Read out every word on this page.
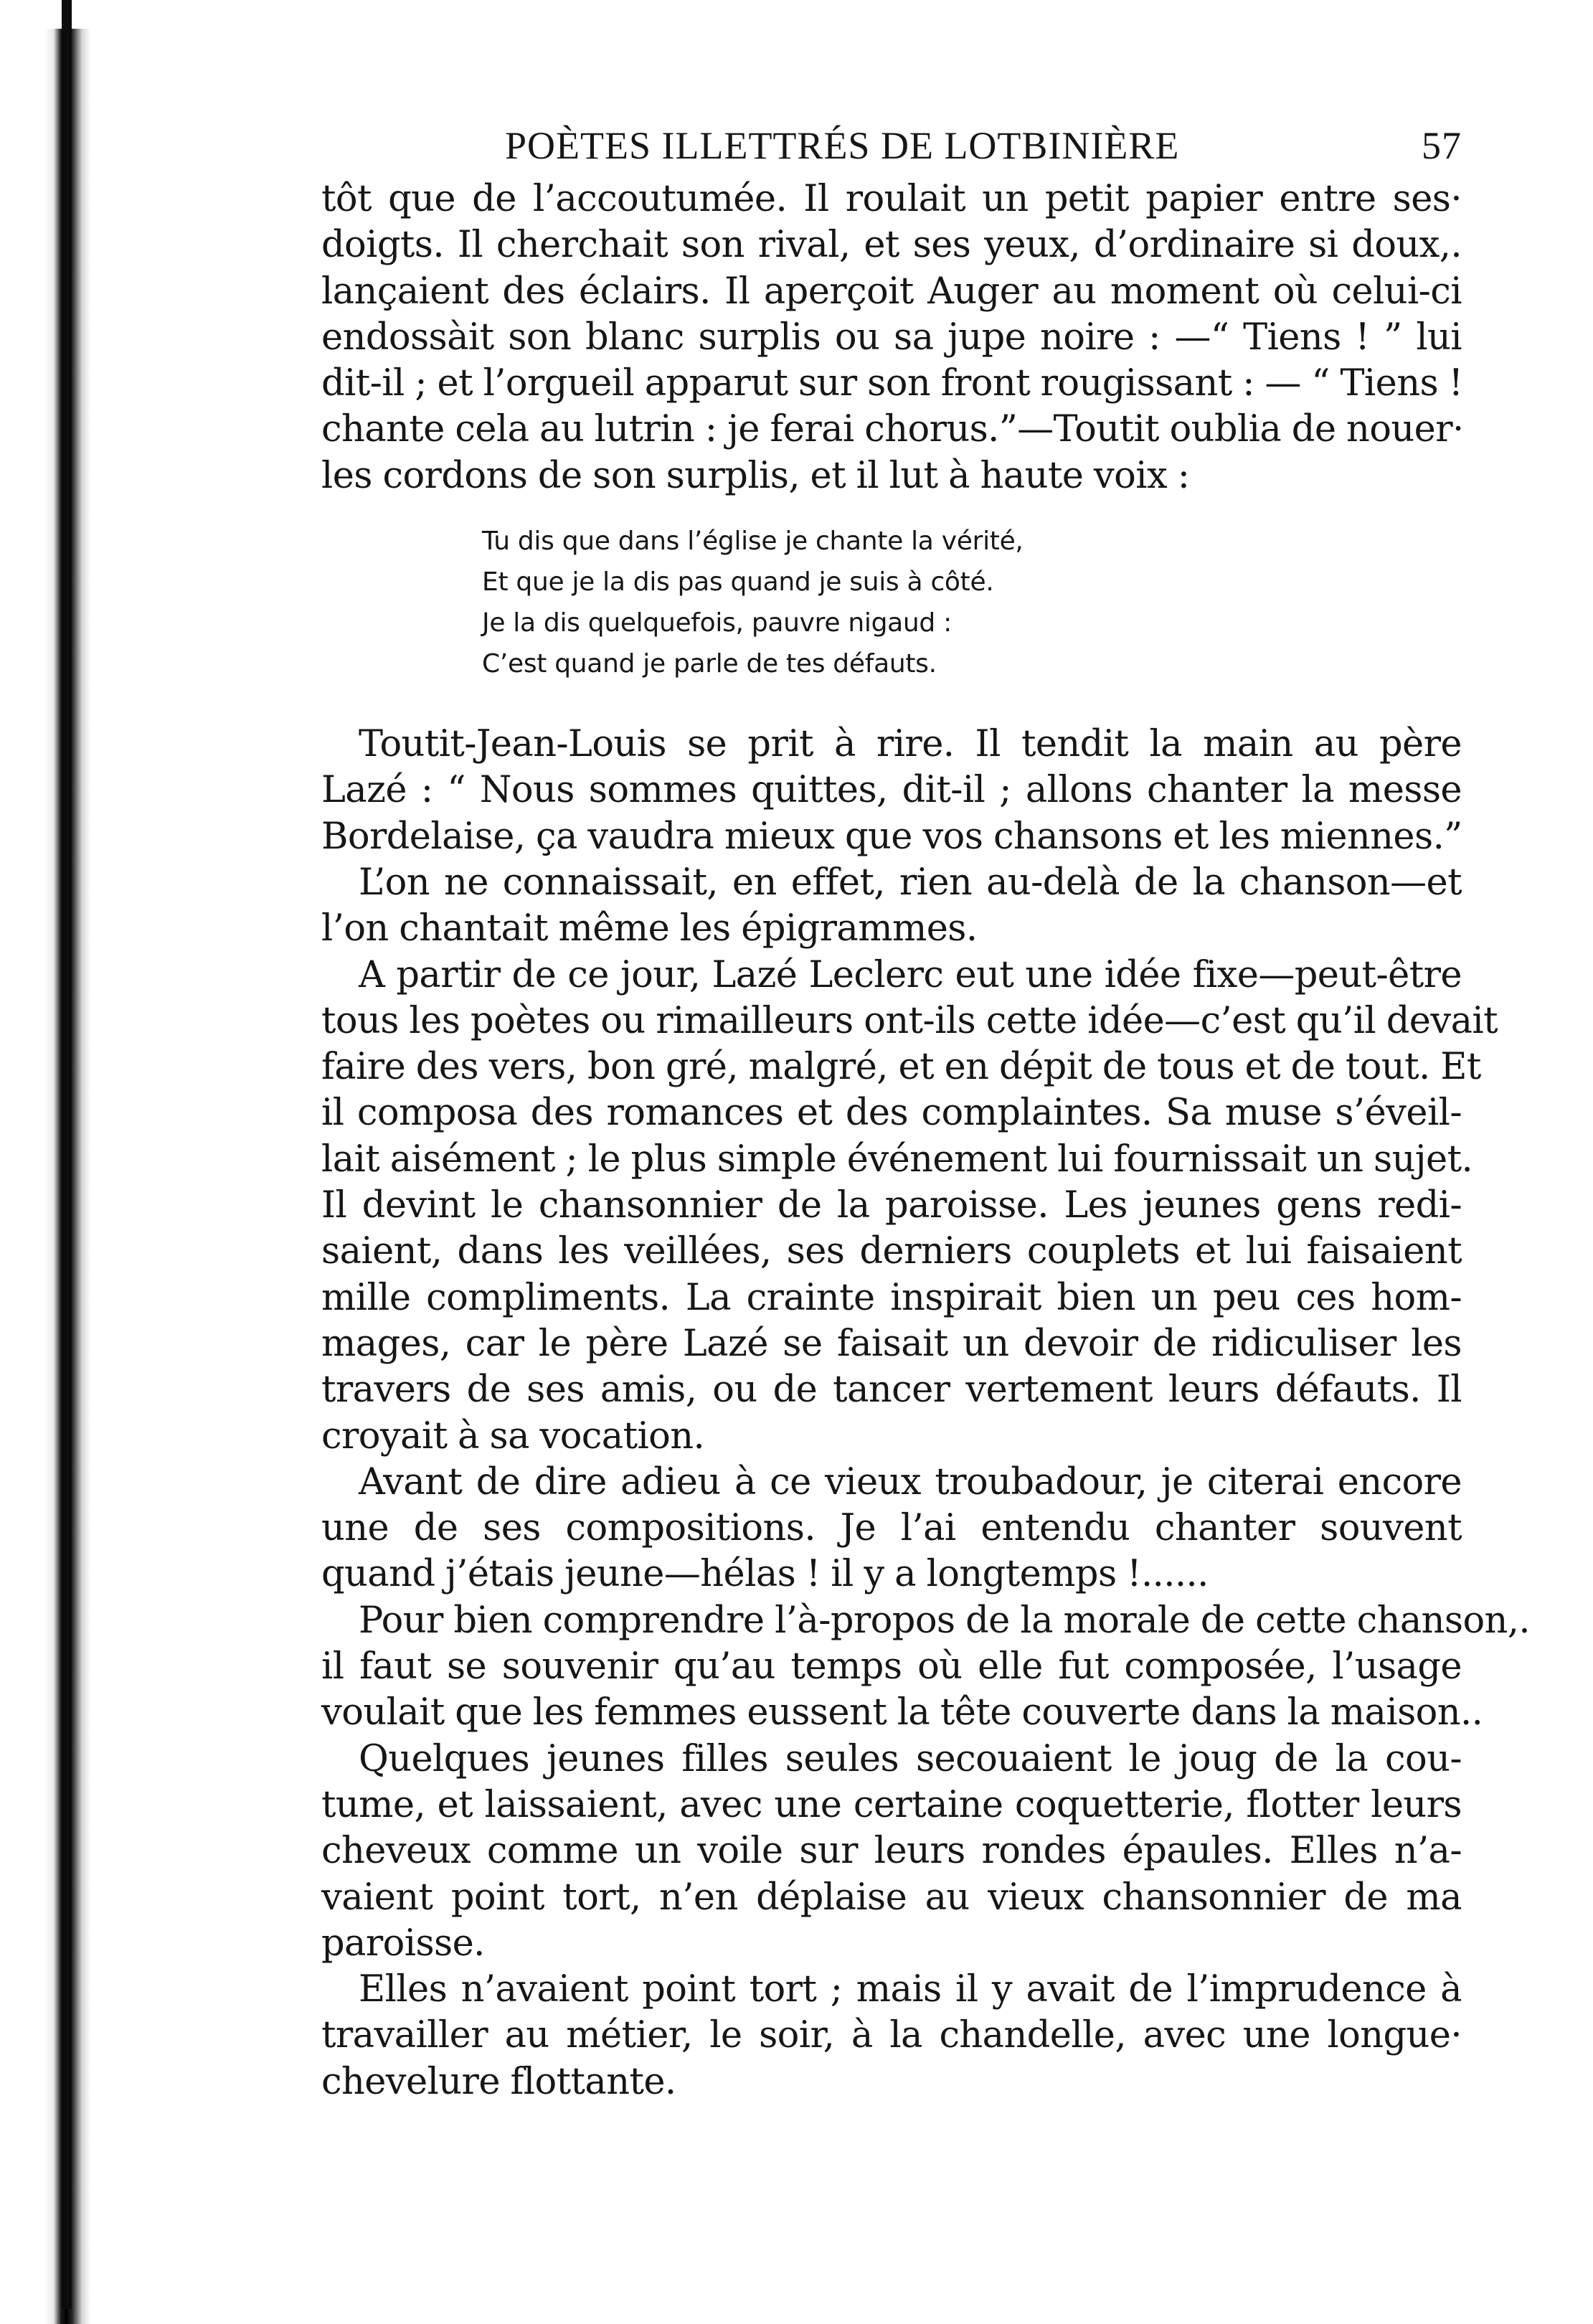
POÈTES ILLETTRÉS DE LOTBINIÈRE	57
tôt que de l’accoutumée. Il roulait un petit papier entre ses·
doigts. Il cherchait son rival, et ses yeux, d’ordinaire si doux,.
lançaient des éclairs. Il aperçoit Auger au moment où celui-ci
endossàit son blanc surplis ou sa jupe noire : —“ Tiens ! ” lui
dit-il ; et l’orgueil apparut sur son front rougissant : — “ Tiens !
chante cela au lutrin : je ferai chorus.”—Toutit oublia de nouer·
les cordons de son surplis, et il lut à haute voix :
Tu dis que dans l’église je chante la vérité,
Et que je la dis pas quand je suis à côté.
Je la dis quelquefois, pauvre nigaud :
C’est quand je parle de tes défauts.
Toutit-Jean-Louis se prit à rire. Il tendit la main au père
Lazé : “ Nous sommes quittes, dit-il ; allons chanter la messe
Bordelaise, ça vaudra mieux que vos chansons et les miennes.”
L’on ne connaissait, en effet, rien au-delà de la chanson—et
l’on chantait même les épigrammes.
A partir de ce jour, Lazé Leclerc eut une idée fixe—peut-être
tous les poètes ou rimailleurs ont-ils cette idée—c’est qu’il devait
faire des vers, bon gré, malgré, et en dépit de tous et de tout. Et
il composa des romances et des complaintes. Sa muse s’éveil-
lait aisément ; le plus simple événement lui fournissait un sujet.
Il devint le chansonnier de la paroisse. Les jeunes gens redi-
saient, dans les veillées, ses derniers couplets et lui faisaient
mille compliments. La crainte inspirait bien un peu ces hom-
mages, car le père Lazé se faisait un devoir de ridiculiser les
travers de ses amis, ou de tancer vertement leurs défauts. Il
croyait à sa vocation.
Avant de dire adieu à ce vieux troubadour, je citerai encore
une de ses compositions. Je l’ai entendu chanter souvent
quand j’étais jeune—hélas ! il y a longtemps !......
Pour bien comprendre l’à-propos de la morale de cette chanson,.
il faut se souvenir qu’au temps où elle fut composée, l’usage
voulait que les femmes eussent la tête couverte dans la maison..
Quelques jeunes filles seules secouaient le joug de la cou-
tume, et laissaient, avec une certaine coquetterie, flotter leurs
cheveux comme un voile sur leurs rondes épaules. Elles n’a-
vaient point tort, n’en déplaise au vieux chansonnier de ma
paroisse.
Elles n’avaient point tort ; mais il y avait de l’imprudence à
travailler au métier, le soir, à la chandelle, avec une longue·
chevelure flottante.
